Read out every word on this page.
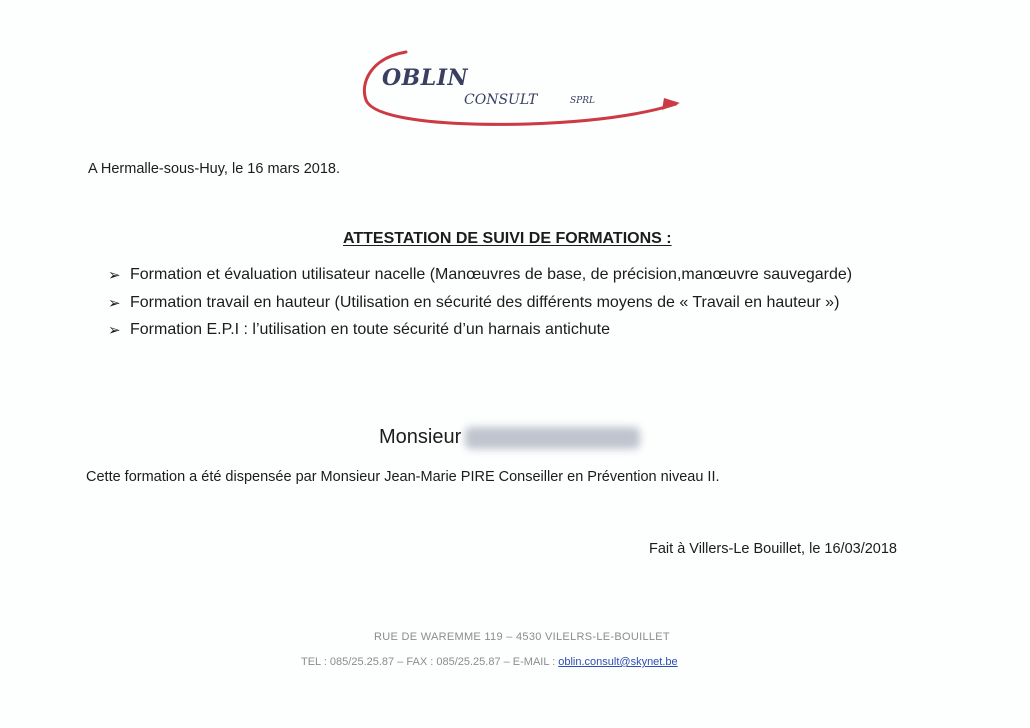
OBLIN
CONSULT	SPRL
A Hermalle-sous-Huy, le 16 mars 2018.
ATTESTATION DE SUIVI DE FORMATIONS :
➢ Formation et évaluation utilisateur nacelle (Manœuvres de base, de précision,manœuvre sauvegarde)
➢ Formation travail en hauteur (Utilisation en sécurité des différents moyens de « Travail en hauteur »)
➢ Formation E.P.I : l’utilisation en toute sécurité d’un harnais antichute
Monsieur
Cette formation a été dispensée par Monsieur Jean-Marie PIRE Conseiller en Prévention niveau II.
Fait à Villers-Le Bouillet, le 16/03/2018
RUE DE WAREMME 119 – 4530 VILELRS-LE-BOUILLET
TEL : 085/25.25.87 – FAX : 085/25.25.87 – E-MAIL : oblin.consult@skynet.be
